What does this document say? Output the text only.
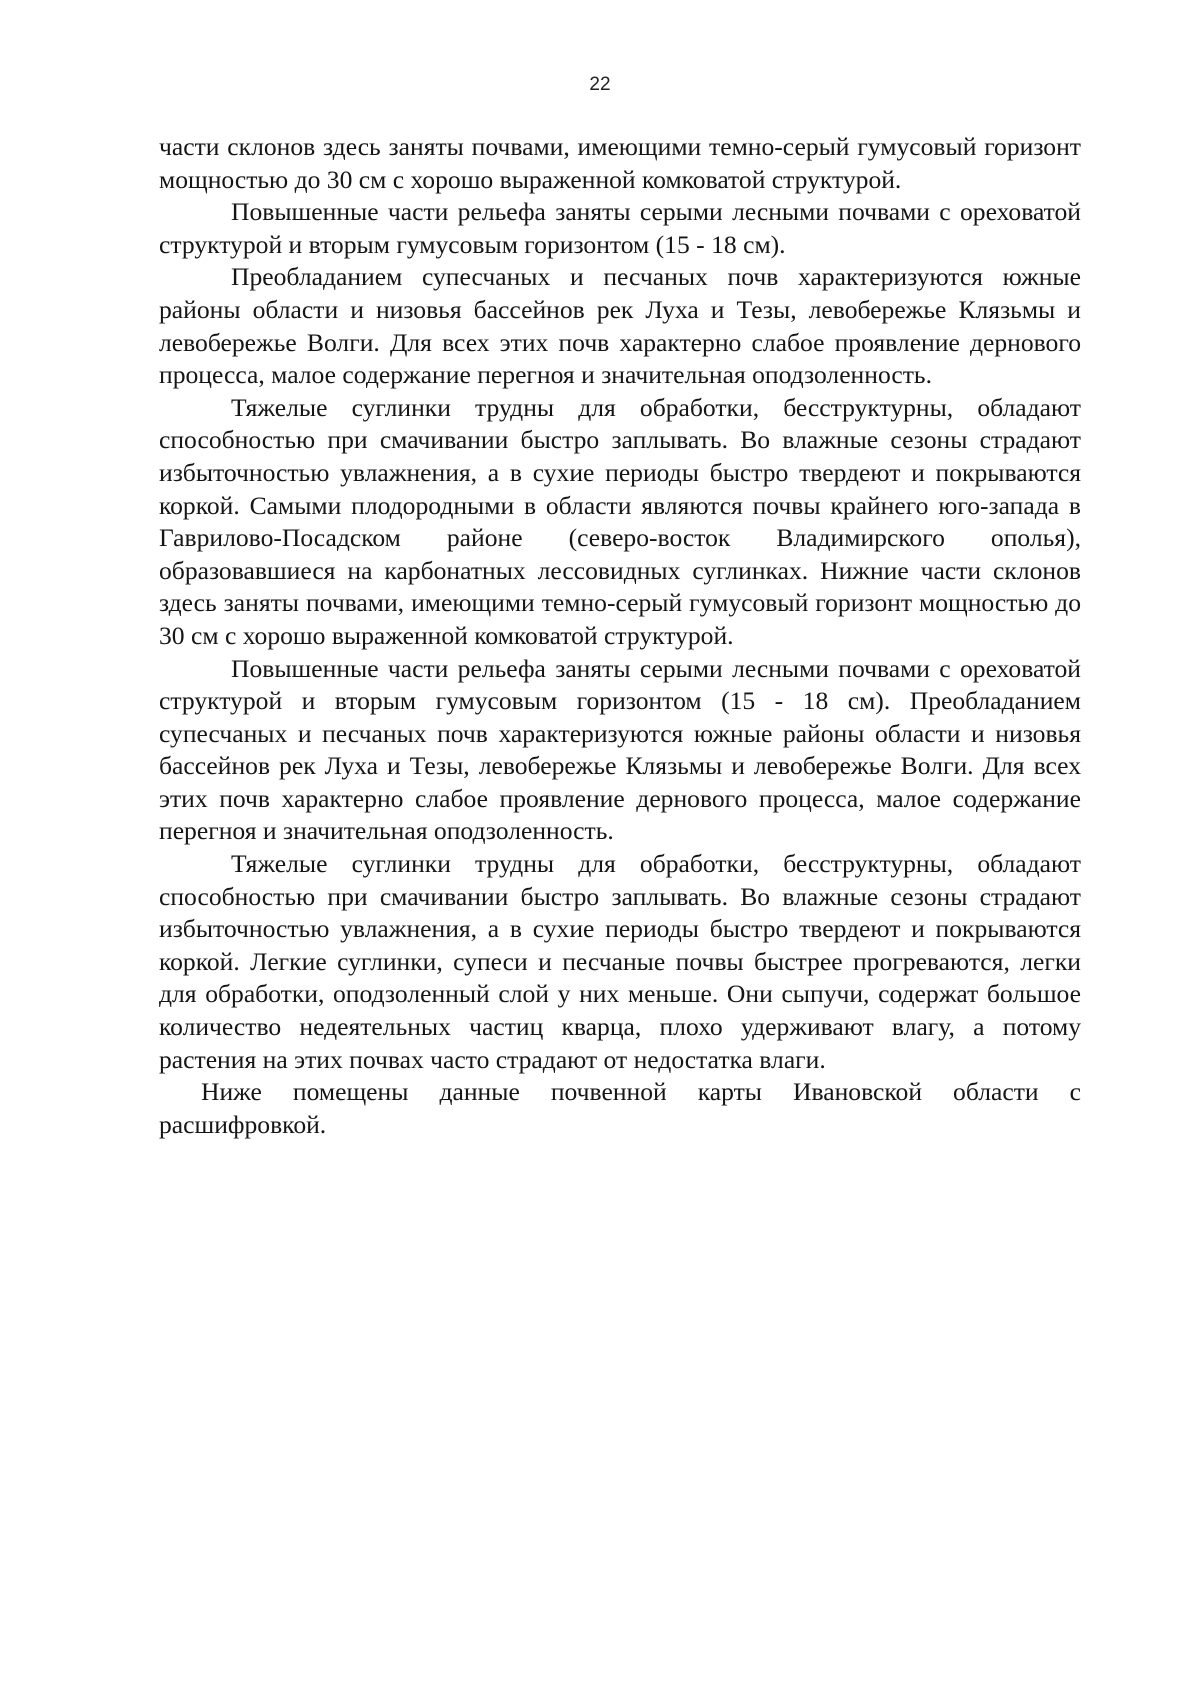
22

части склонов здесь заняты почвами, имеющими темно-серый гумусовый горизонт мощностью до 30 см с хорошо выраженной комковатой структурой.

Повышенные части рельефа заняты серыми лесными почвами с ореховатой структурой и вторым гумусовым горизонтом (15 - 18 см).

Преобладанием супесчаных и песчаных почв характеризуются южные районы области и низовья бассейнов рек Луха и Тезы, левобережье Клязьмы и левобережье Волги. Для всех этих почв характерно слабое проявление дернового процесса, малое содержание перегноя и значительная оподзоленность.

Тяжелые суглинки трудны для обработки, бесструктурны, обладают способностью при смачивании быстро заплывать. Во влажные сезоны страдают избыточностью увлажнения, а в сухие периоды быстро твердеют и покрываются коркой. Самыми плодородными в области являются почвы крайнего юго-запада в Гаврилово-Посадском районе (северо-восток Владимирского ополья), образовавшиеся на карбонатных лессовидных суглинках. Нижние части склонов здесь заняты почвами, имеющими темно-серый гумусовый горизонт мощностью до 30 см с хорошо выраженной комковатой структурой.

Повышенные части рельефа заняты серыми лесными почвами с ореховатой структурой и вторым гумусовым горизонтом (15 - 18 см). Преобладанием супесчаных и песчаных почв характеризуются южные районы области и низовья бассейнов рек Луха и Тезы, левобережье Клязьмы и левобережье Волги. Для всех этих почв характерно слабое проявление дернового процесса, малое содержание перегноя и значительная оподзоленность.

Тяжелые суглинки трудны для обработки, бесструктурны, обладают способностью при смачивании быстро заплывать. Во влажные сезоны страдают избыточностью увлажнения, а в сухие периоды быстро твердеют и покрываются коркой. Легкие суглинки, супеси и песчаные почвы быстрее прогреваются, легки для обработки, оподзоленный слой у них меньше. Они сыпучи, содержат большое количество недеятельных частиц кварца, плохо удерживают влагу, а потому растения на этих почвах часто страдают от недостатка влаги.

Ниже помещены данные почвенной карты Ивановской области с расшифровкой.
